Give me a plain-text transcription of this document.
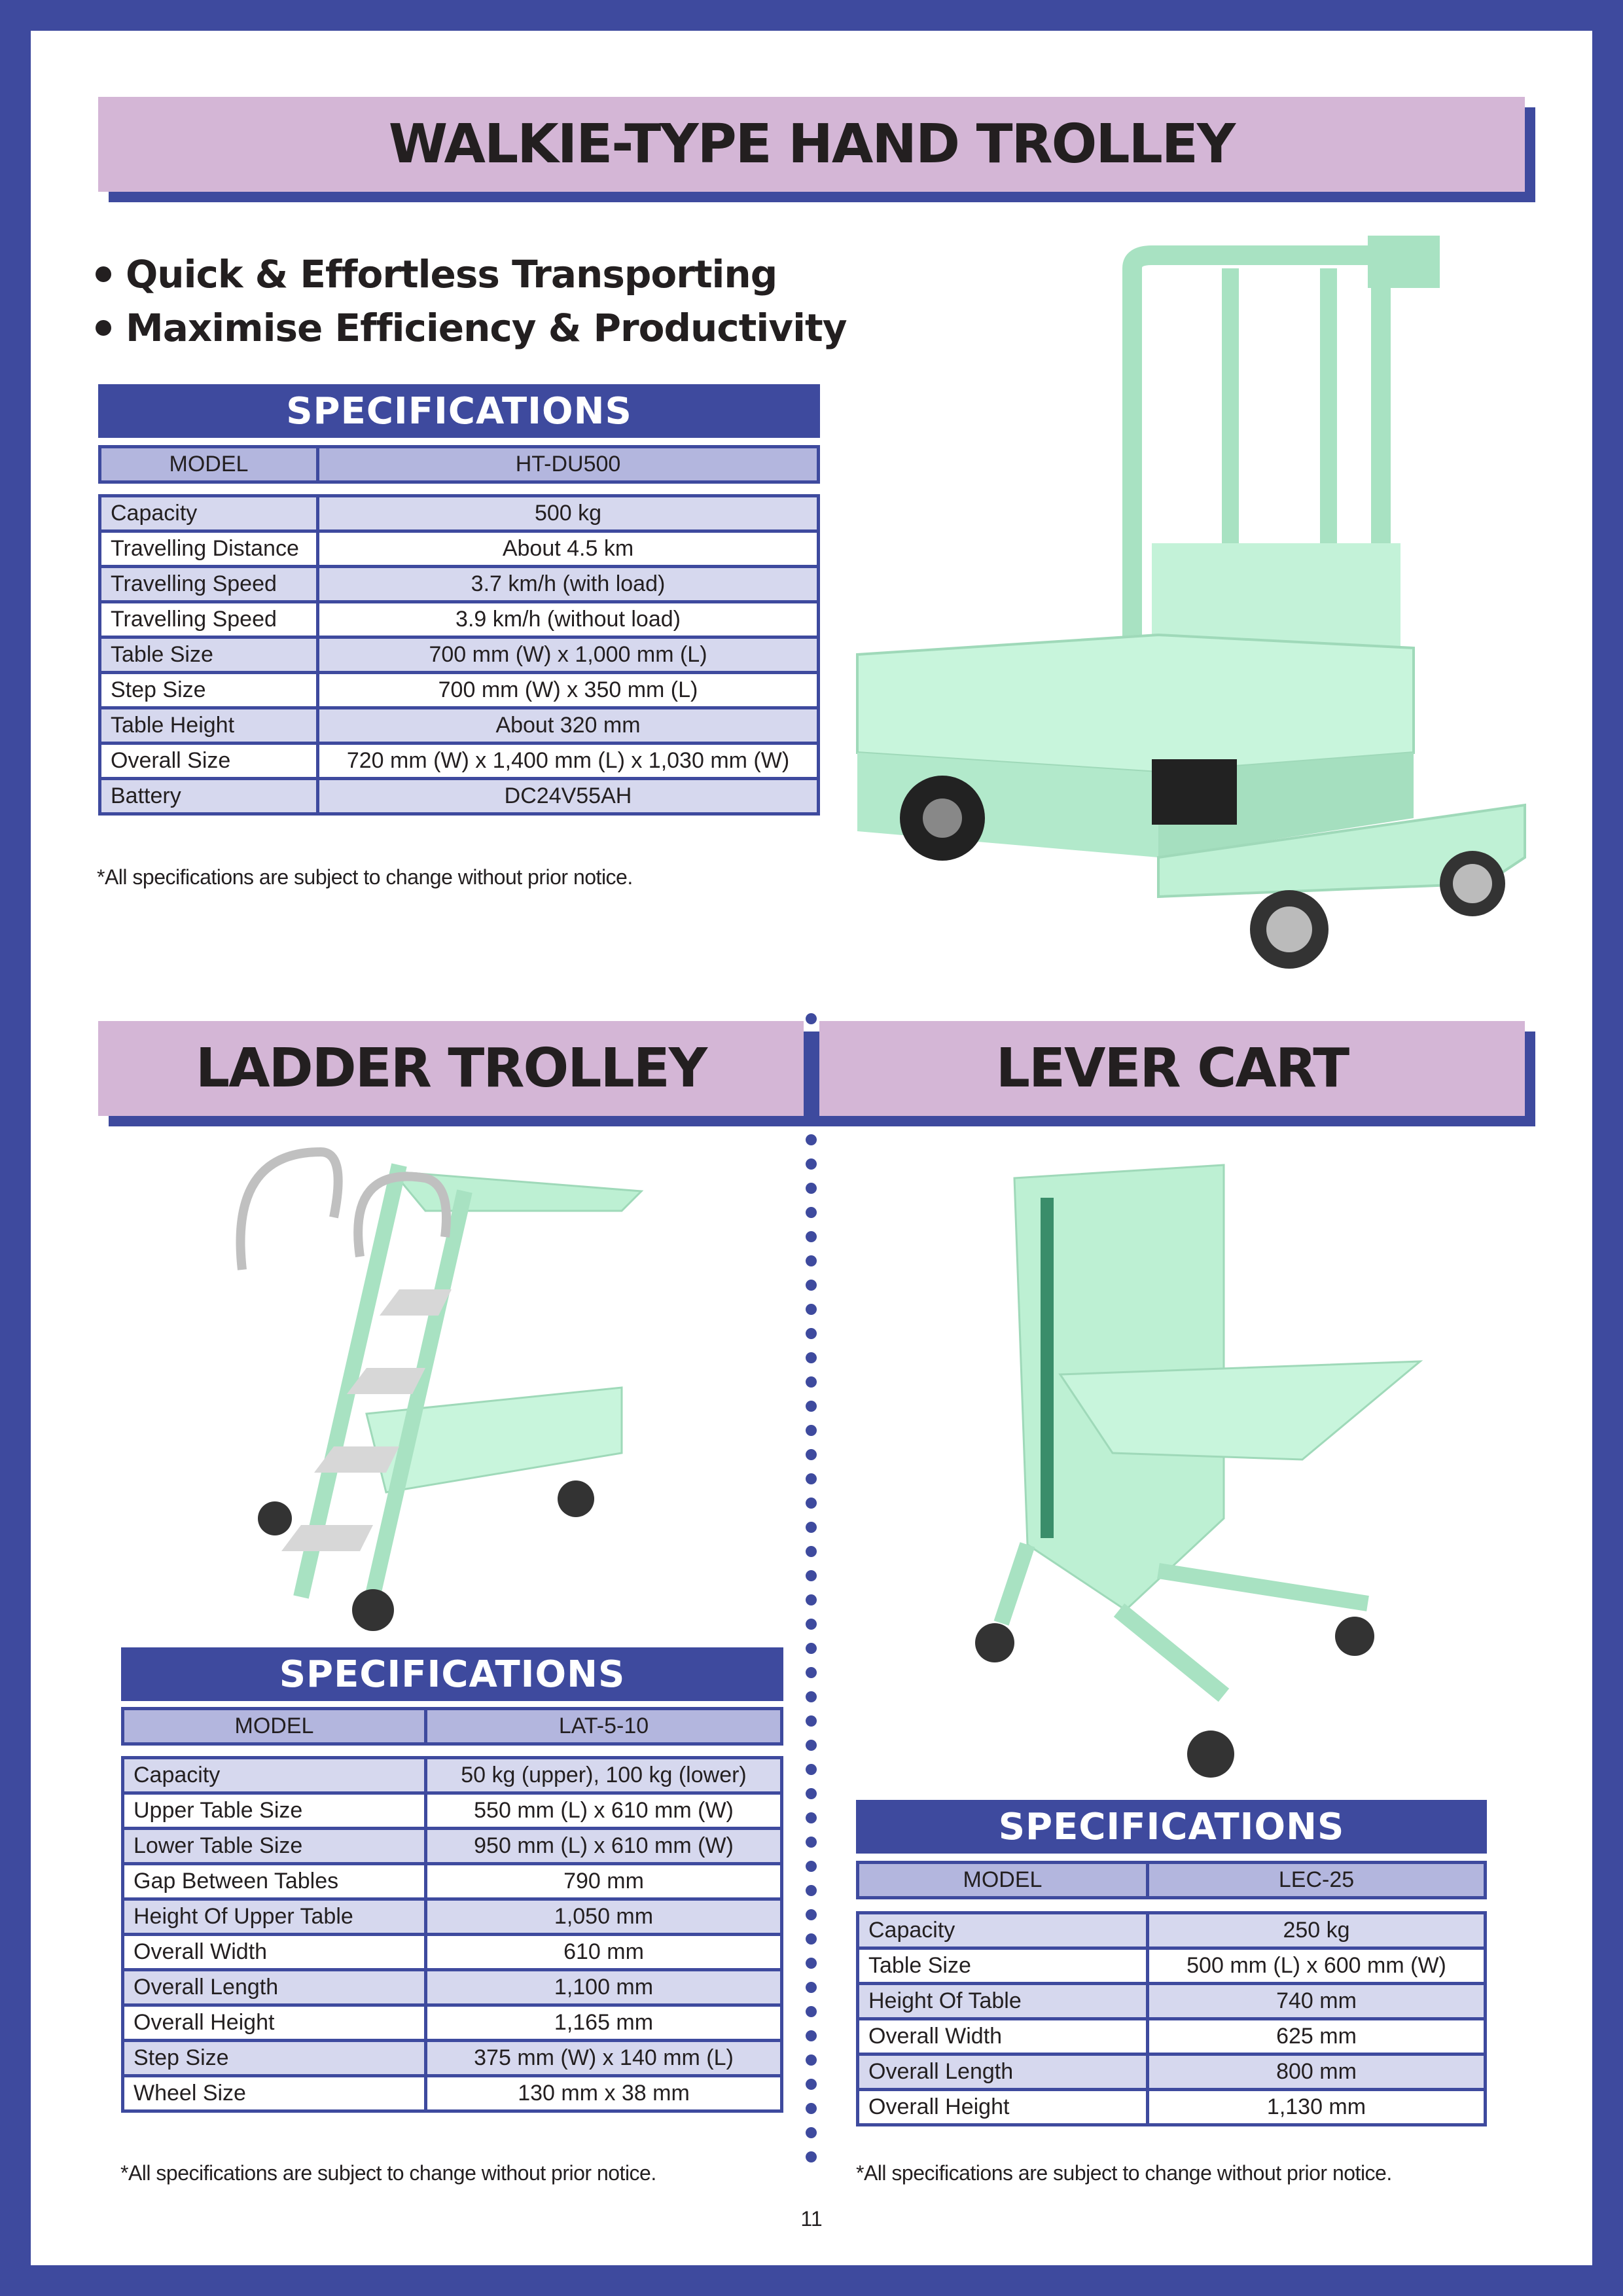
WALKIE-TYPE HAND TROLLEY
Quick & Effortless Transporting
Maximise Efficiency & Productivity
SPECIFICATIONS
MODEL	HT-DU500
Capacity	500 kg
Travelling Distance	About 4.5 km
Travelling Speed	3.7 km/h (with load)
Travelling Speed	3.9 km/h (without load)
Table Size	700 mm (W) x 1,000 mm (L)
Step Size	700 mm (W) x 350 mm (L)
Table Height	About 320 mm
Overall Size	720 mm (W) x 1,400 mm (L) x 1,030 mm (W)
Battery	DC24V55AH
*All specifications are subject to change without prior notice.
LADDER TROLLEY	LEVER CART
SPECIFICATIONS
MODEL	LAT-5-10
Capacity	50 kg (upper), 100 kg (lower)
Upper Table Size	550 mm (L) x 610 mm (W)
Lower Table Size	950 mm (L) x 610 mm (W)
Gap Between Tables	790 mm
Height Of Upper Table	1,050 mm
Overall Width	610 mm
Overall Length	1,100 mm
Overall Height	1,165 mm
Step Size	375 mm (W) x 140 mm (L)
Wheel Size	130 mm x 38 mm
*All specifications are subject to change without prior notice.
SPECIFICATIONS
MODEL	LEC-25
Capacity	250 kg
Table Size	500 mm (L) x 600 mm (W)
Height Of Table	740 mm
Overall Width	625 mm
Overall Length	800 mm
Overall Height	1,130 mm
*All specifications are subject to change without prior notice.
11
